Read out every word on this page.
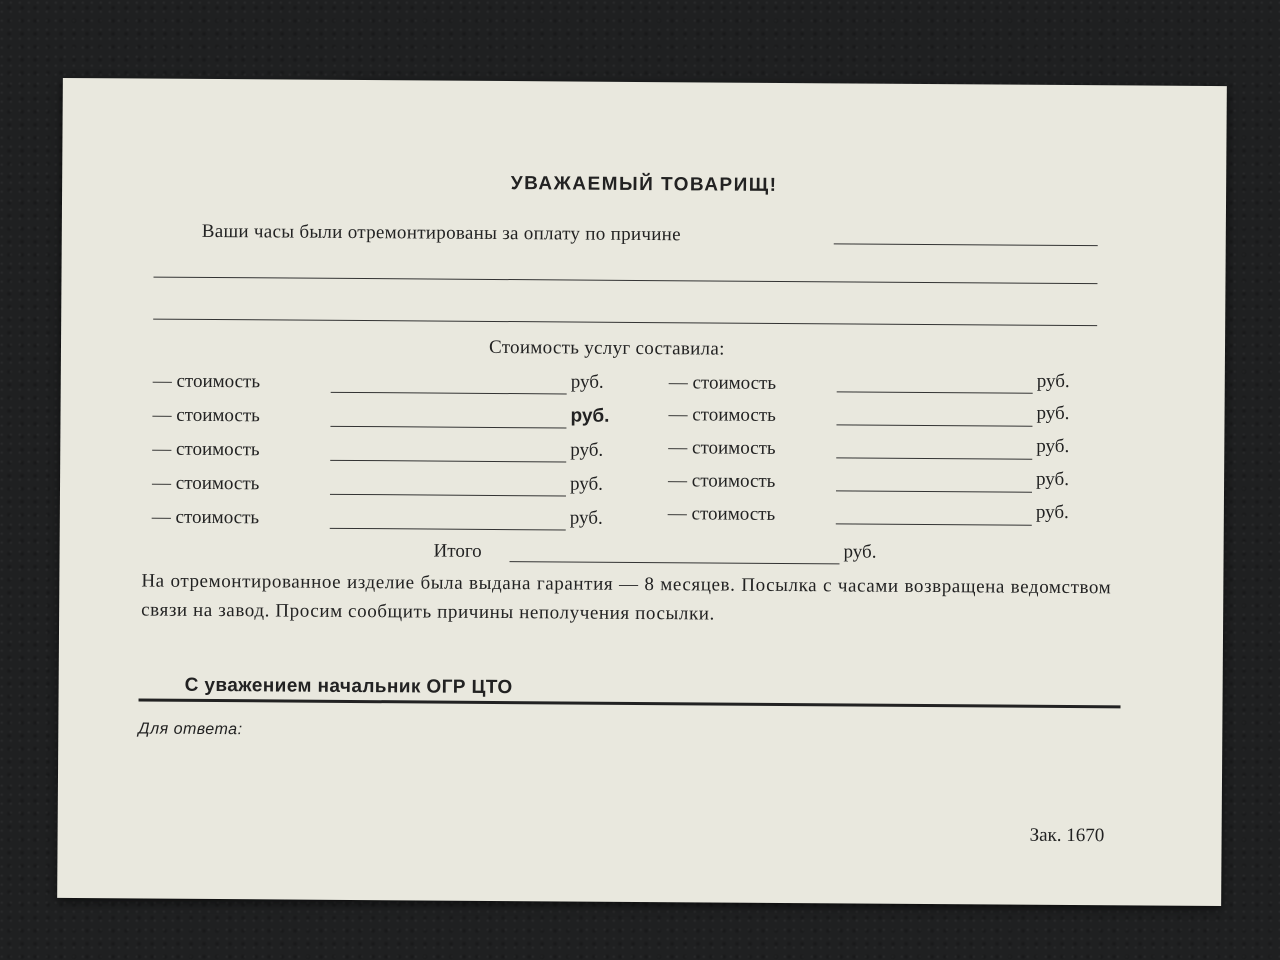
УВАЖАЕМЫЙ ТОВАРИЩ!
Ваши часы были отремонтированы за оплату по причине
Стоимость услуг составила:
— стоимость	руб.
— стоимость	руб.
— стоимость	руб.
— стоимость	руб.
— стоимость	руб.
— стоимость	руб.
— стоимость	руб.
— стоимость	руб.
— стоимость	руб.
— стоимость	руб.
Итого	руб.
На отремонтированное изделие была выдана гарантия — 8 месяцев. Посылка с часами возвращена ведомством связи на завод. Просим сообщить причины неполучения посылки.
С уважением начальник ОГР ЦТО
Для ответа:
Зак. 1670
